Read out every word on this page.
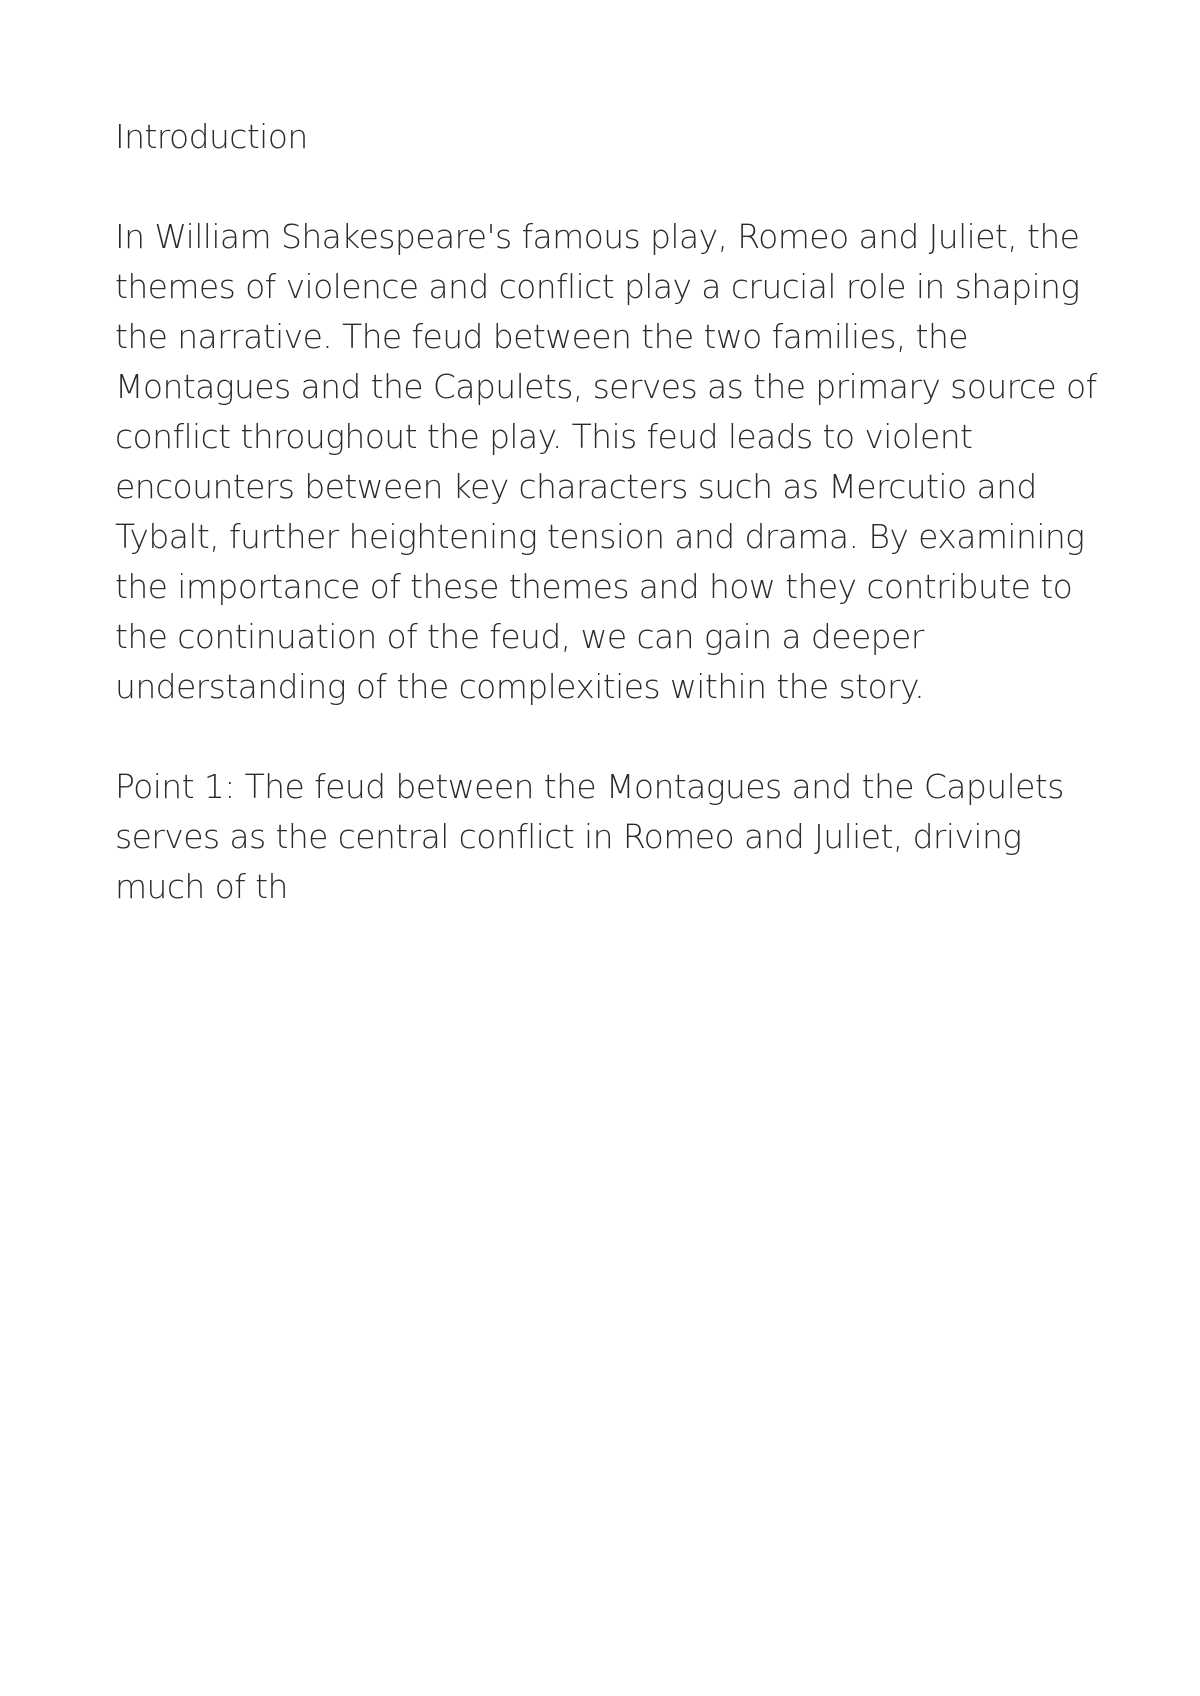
Introduction

In William Shakespeare's famous play, Romeo and Juliet, the themes of violence and conflict play a crucial role in shaping the narrative. The feud between the two families, the Montagues and the Capulets, serves as the primary source of conflict throughout the play. This feud leads to violent encounters between key characters such as Mercutio and Tybalt, further heightening tension and drama. By examining the importance of these themes and how they contribute to the continuation of the feud, we can gain a deeper understanding of the complexities within the story.

Point 1: The feud between the Montagues and the Capulets serves as the central conflict in Romeo and Juliet, driving much of th
